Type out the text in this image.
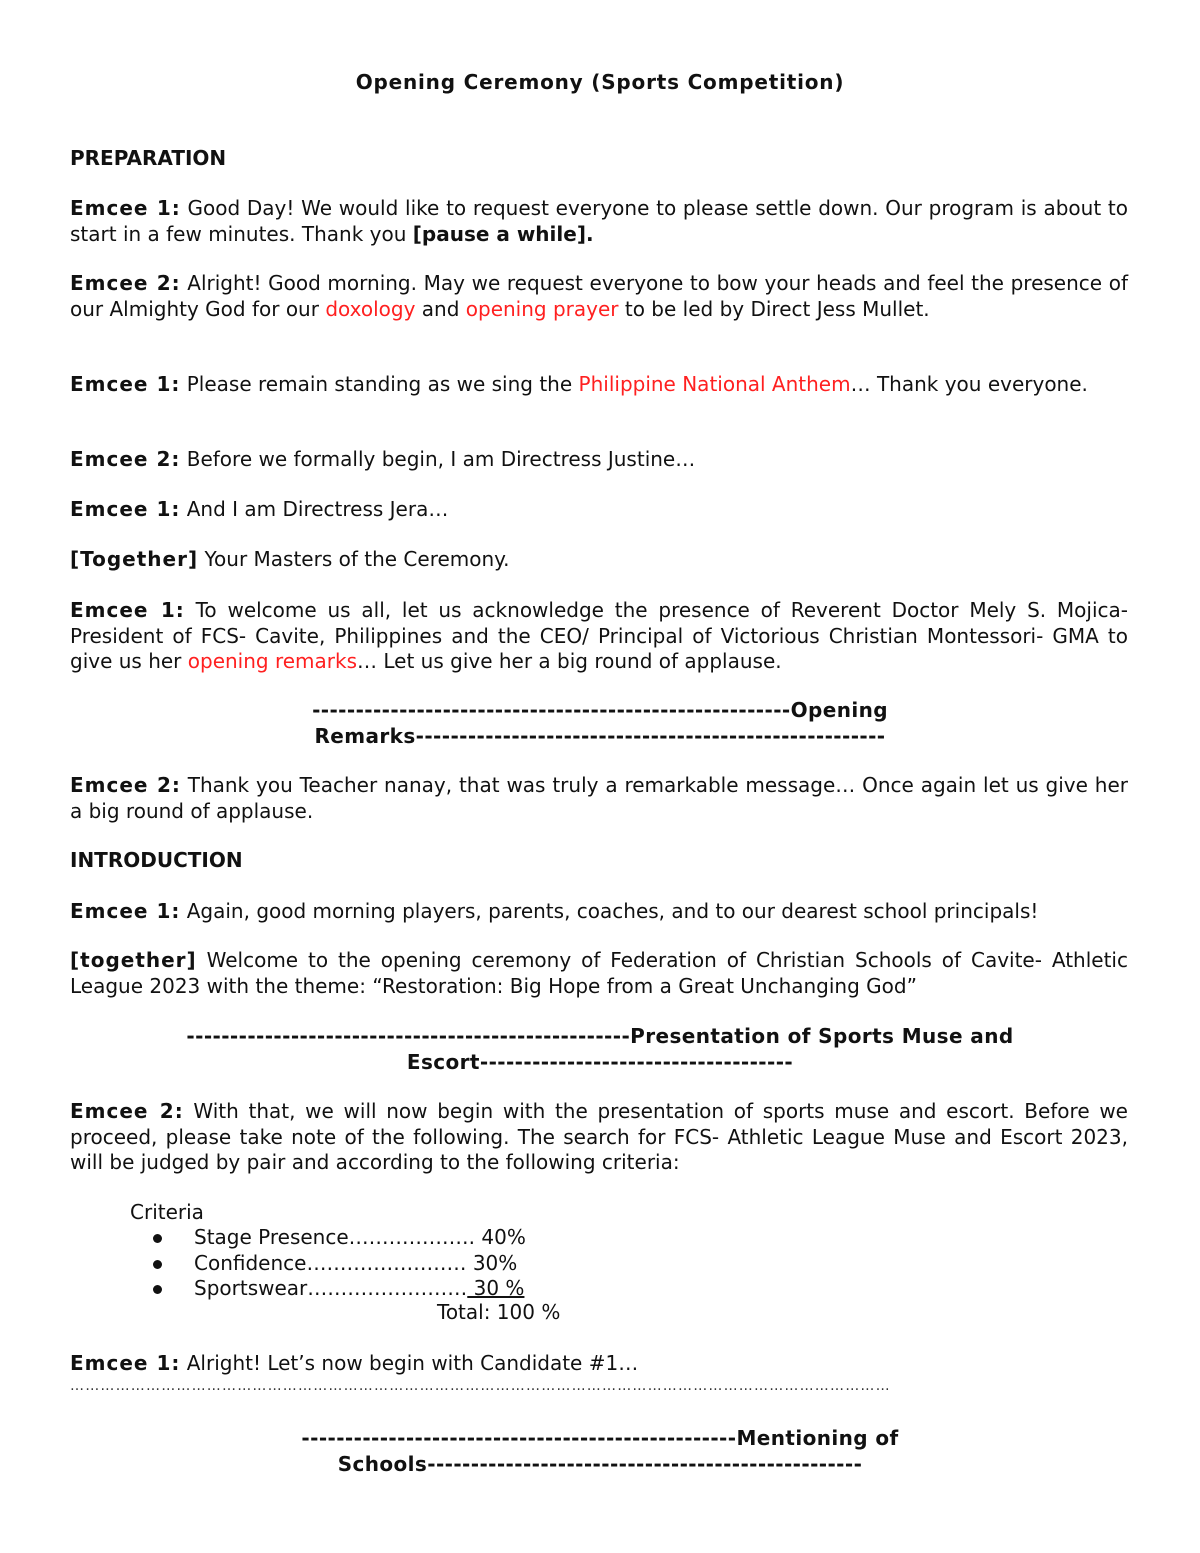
Opening Ceremony (Sports Competition)
PREPARATION
Emcee 1: Good Day! We would like to request everyone to please settle down. Our program is about to start in a few minutes. Thank you [pause a while].
Emcee 2: Alright! Good morning. May we request everyone to bow your heads and feel the presence of our Almighty God for our doxology and opening prayer to be led by Direct Jess Mullet.
Emcee 1: Please remain standing as we sing the Philippine National Anthem… Thank you everyone.
Emcee 2: Before we formally begin, I am Directress Justine…
Emcee 1: And I am Directress Jera…
[Together] Your Masters of the Ceremony.
Emcee 1: To welcome us all, let us acknowledge the presence of Reverent Doctor Mely S. Mojica- President of FCS- Cavite, Philippines and the CEO/ Principal of Victorious Christian Montessori- GMA to give us her opening remarks… Let us give her a big round of applause.
-------------------------------------------------------Opening
Remarks------------------------------------------------------
Emcee 2: Thank you Teacher nanay, that was truly a remarkable message… Once again let us give her a big round of applause.
INTRODUCTION
Emcee 1: Again, good morning players, parents, coaches, and to our dearest school principals!
[together] Welcome to the opening ceremony of Federation of Christian Schools of Cavite- Athletic League 2023 with the theme: “Restoration: Big Hope from a Great Unchanging God”
---------------------------------------------------Presentation of Sports Muse and
Escort------------------------------------
Emcee 2: With that, we will now begin with the presentation of sports muse and escort. Before we proceed, please take note of the following. The search for FCS- Athletic League Muse and Escort 2023, will be judged by pair and according to the following criteria:
Criteria
Stage Presence………………. 40%
Confidence…………………… 30%
Sportswear…………………… 30 %
Total: 100 %
Emcee 1: Alright! Let’s now begin with Candidate #1…
………………………………………………………………………………………………………………………………………………
--------------------------------------------------Mentioning of
Schools--------------------------------------------------
